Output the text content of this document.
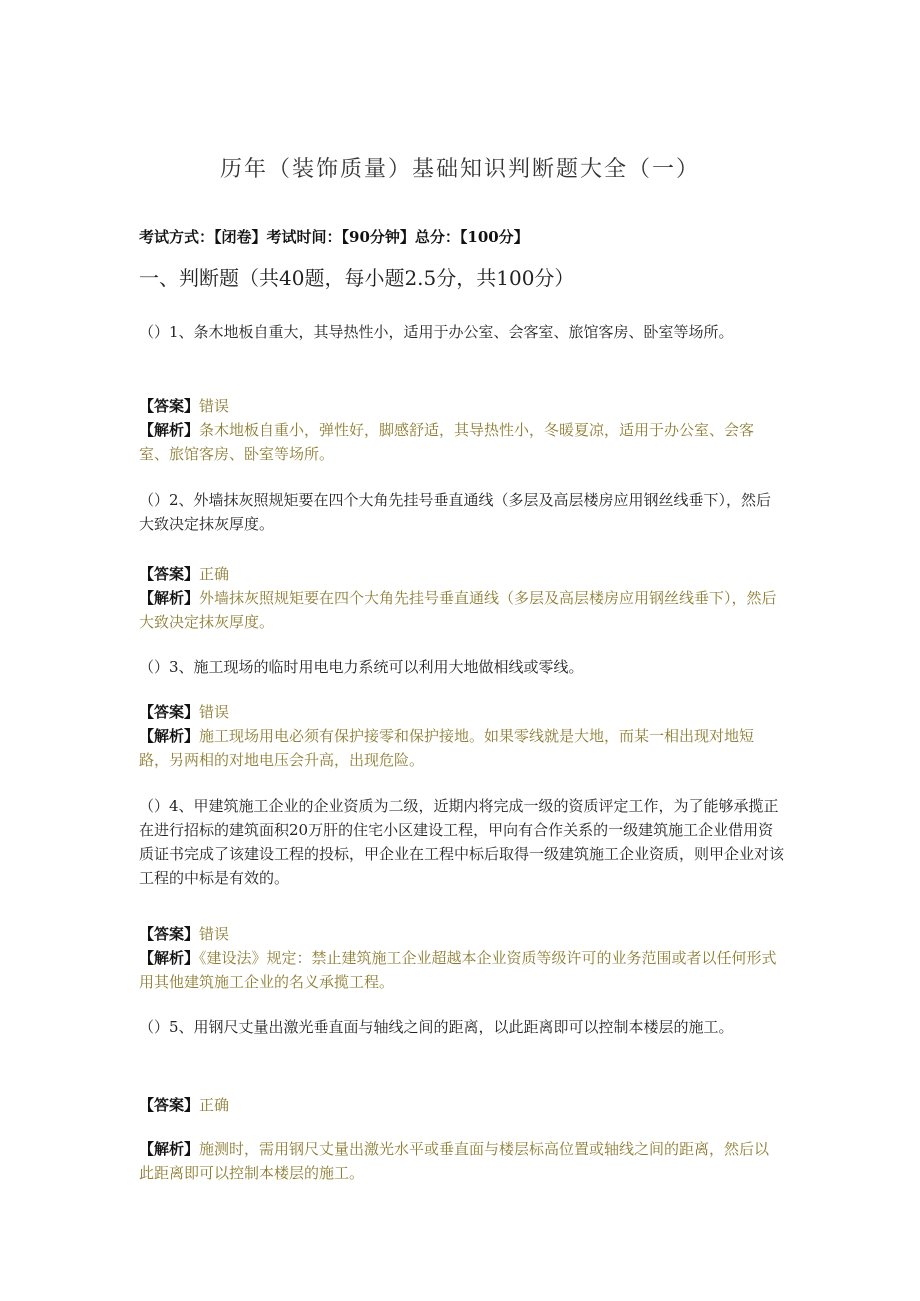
历年（装饰质量）基础知识判断题大全（一）
考试方式：【闭卷】考试时间：【90分钟】总分：【100分】
一、判断题（共40题，每小题2.5分，共100分）
（）1、条木地板自重大，其导热性小，适用于办公室、会客室、旅馆客房、卧室等场所。
【答案】错误
【解析】条木地板自重小，弹性好，脚感舒适，其导热性小，冬暖夏凉，适用于办公室、会客室、旅馆客房、卧室等场所。
（）2、外墙抹灰照规矩要在四个大角先挂号垂直通线（多层及高层楼房应用钢丝线垂下），然后大致决定抹灰厚度。
【答案】正确
【解析】外墙抹灰照规矩要在四个大角先挂号垂直通线（多层及高层楼房应用钢丝线垂下），然后大致决定抹灰厚度。
（）3、施工现场的临时用电电力系统可以利用大地做相线或零线。
【答案】错误
【解析】施工现场用电必须有保护接零和保护接地。如果零线就是大地，而某一相出现对地短路，另两相的对地电压会升高，出现危险。
（）4、甲建筑施工企业的企业资质为二级，近期内将完成一级的资质评定工作，为了能够承揽正在进行招标的建筑面积20万肝的住宅小区建设工程，甲向有合作关系的一级建筑施工企业借用资质证书完成了该建设工程的投标，甲企业在工程中标后取得一级建筑施工企业资质，则甲企业对该工程的中标是有效的。
【答案】错误
【解析】《建设法》规定：禁止建筑施工企业超越本企业资质等级许可的业务范围或者以任何形式用其他建筑施工企业的名义承揽工程。
（）5、用钢尺丈量出激光垂直面与轴线之间的距离，以此距离即可以控制本楼层的施工。
【答案】正确
【解析】施测时，需用钢尺丈量出激光水平或垂直面与楼层标高位置或轴线之间的距离，然后以此距离即可以控制本楼层的施工。
